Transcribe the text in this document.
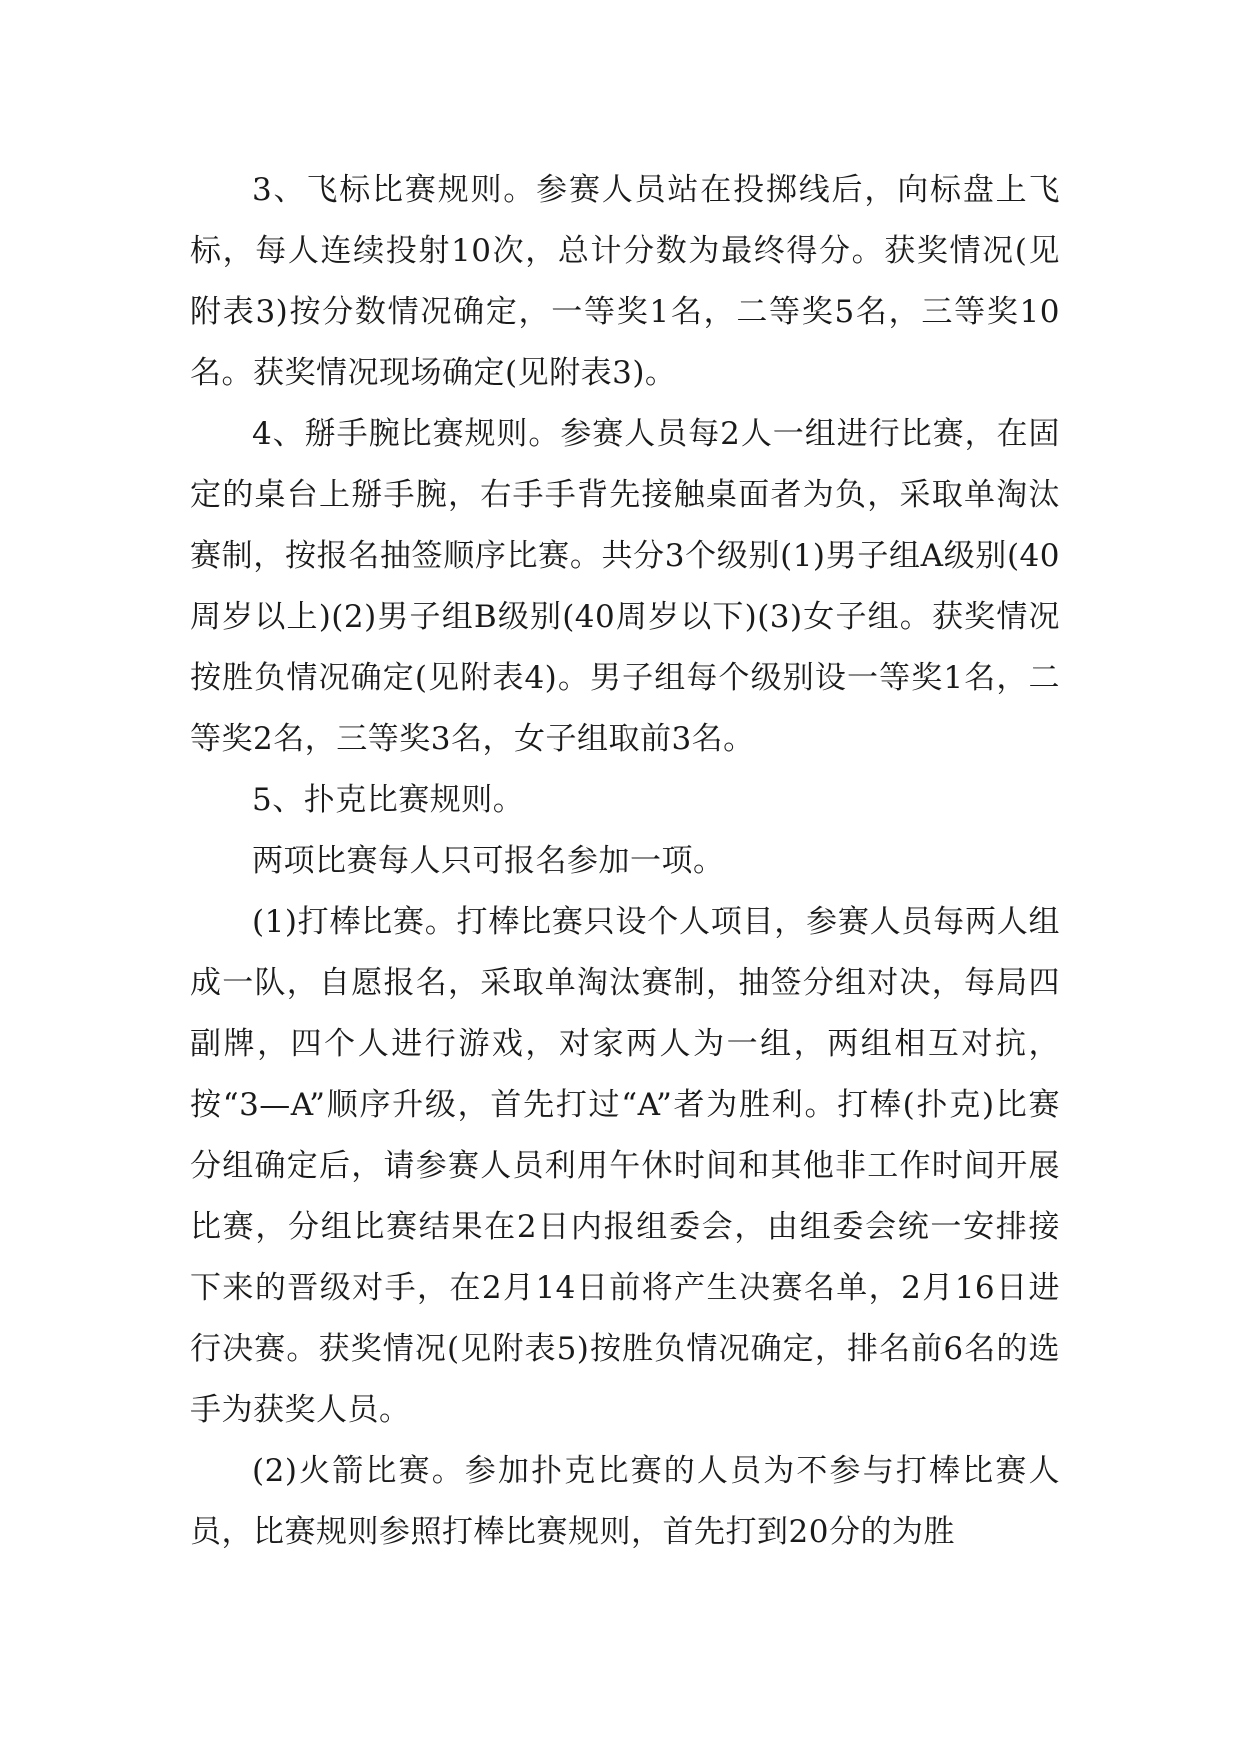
3、飞标比赛规则。参赛人员站在投掷线后，向标盘上飞标，每人连续投射10次，总计分数为最终得分。获奖情况(见附表3)按分数情况确定，一等奖1名，二等奖5名，三等奖10名。获奖情况现场确定(见附表3)。

4、掰手腕比赛规则。参赛人员每2人一组进行比赛，在固定的桌台上掰手腕，右手手背先接触桌面者为负，采取单淘汰赛制，按报名抽签顺序比赛。共分3个级别(1)男子组A级别(40周岁以上)(2)男子组B级别(40周岁以下)(3)女子组。获奖情况按胜负情况确定(见附表4)。男子组每个级别设一等奖1名，二等奖2名，三等奖3名，女子组取前3名。

5、扑克比赛规则。

两项比赛每人只可报名参加一项。

(1)打棒比赛。打棒比赛只设个人项目，参赛人员每两人组成一队，自愿报名，采取单淘汰赛制，抽签分组对决，每局四副牌，四个人进行游戏，对家两人为一组，两组相互对抗，按“3—A”顺序升级，首先打过“A”者为胜利。打棒(扑克)比赛分组确定后，请参赛人员利用午休时间和其他非工作时间开展比赛，分组比赛结果在2日内报组委会，由组委会统一安排接下来的晋级对手，在2月14日前将产生决赛名单，2月16日进行决赛。获奖情况(见附表5)按胜负情况确定，排名前6名的选手为获奖人员。

(2)火箭比赛。参加扑克比赛的人员为不参与打棒比赛人员，比赛规则参照打棒比赛规则，首先打到20分的为胜
